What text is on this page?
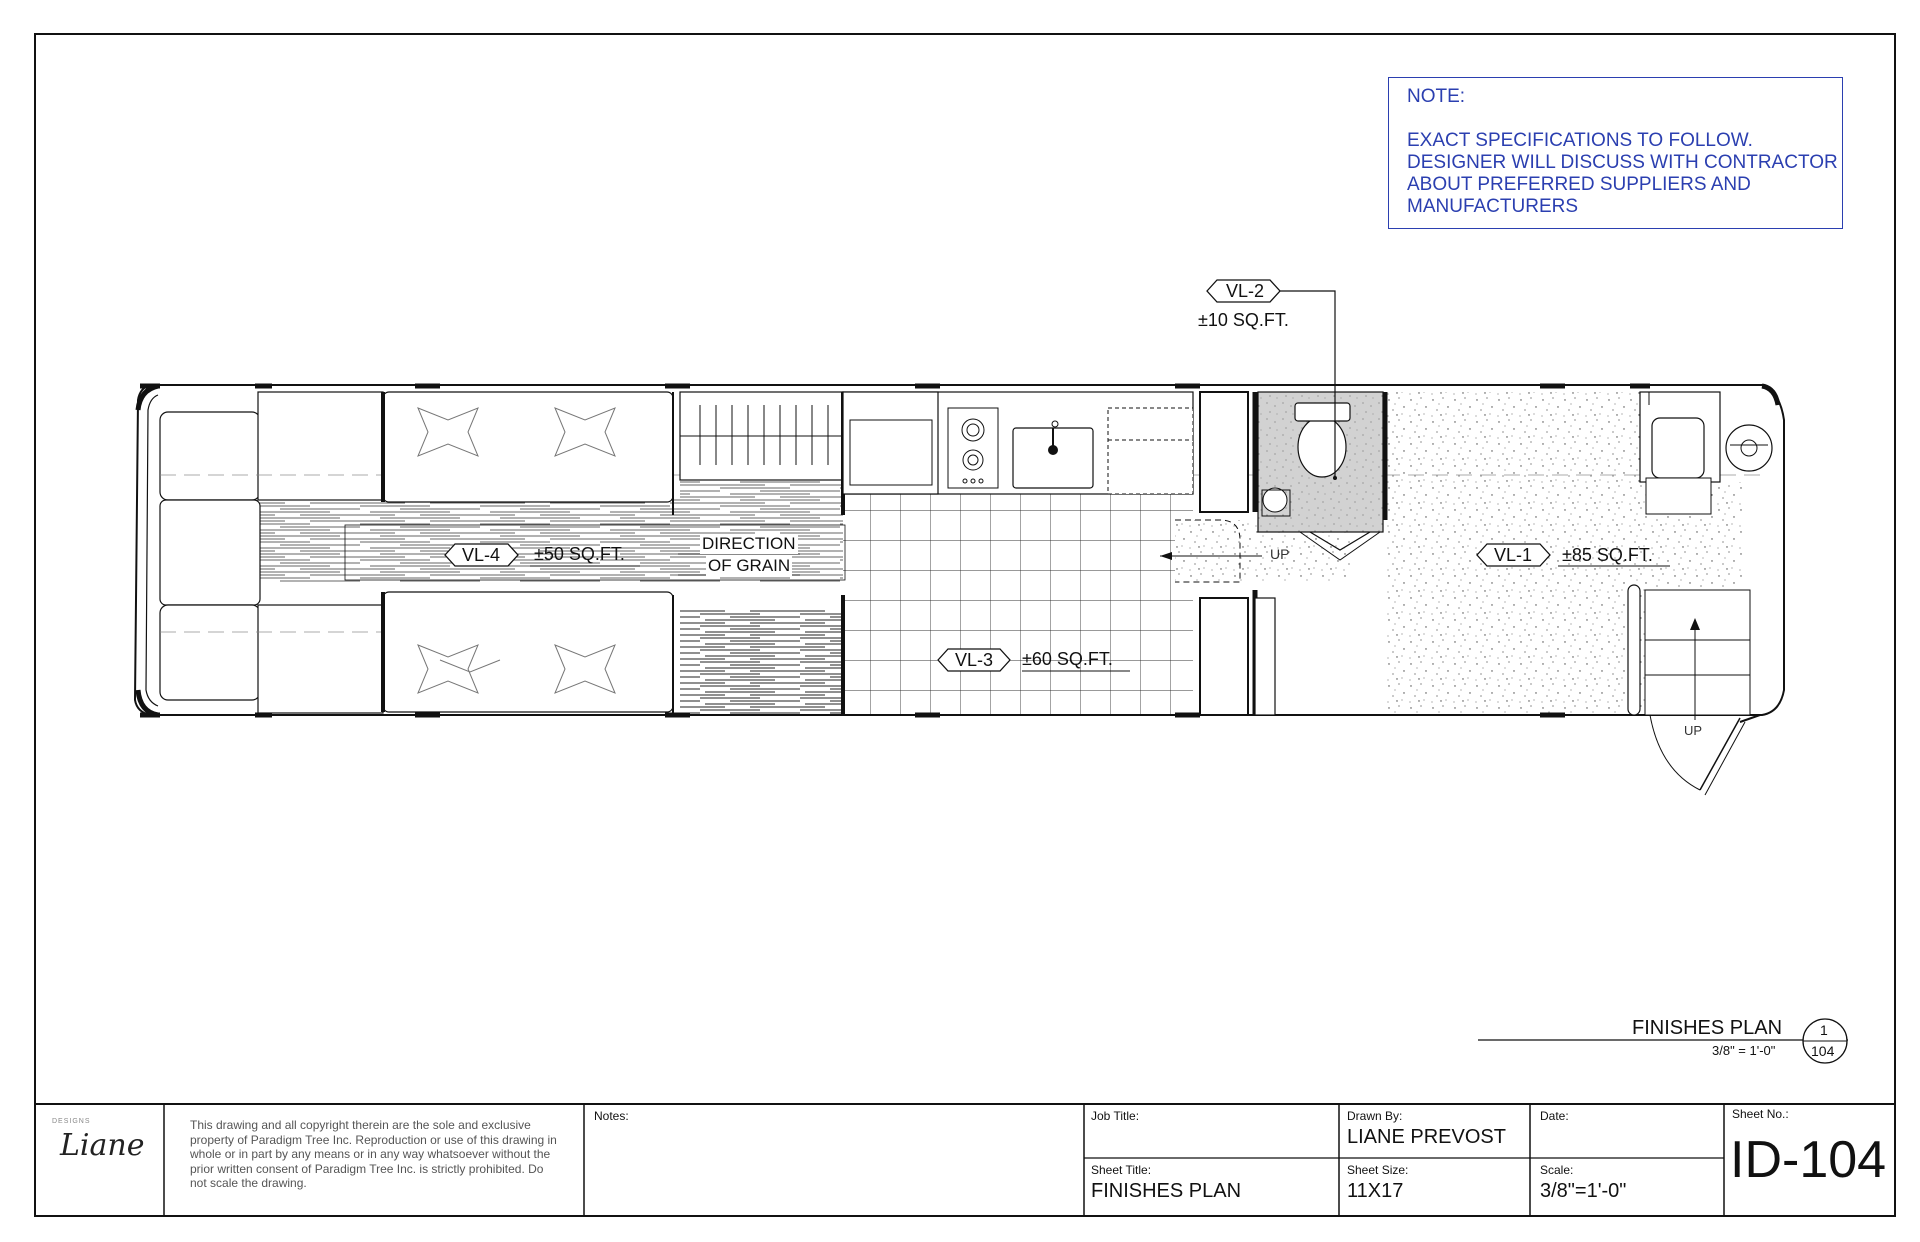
NOTE:
EXACT SPECIFICATIONS TO FOLLOW.
DESIGNER WILL DISCUSS WITH CONTRACTOR
ABOUT PREFERRED SUPPLIERS AND
MANUFACTURERS
VL-2
±10 SQ.FT.
VL-4 ±50 SQ.FT.
VL-3 ±60 SQ.FT.
VL-1 ±85 SQ.FT.
DIRECTION
OF GRAIN
UP
UP
FINISHES PLAN
3/8" = 1'-0"
1
104
DESIGNS
Liane
This drawing and all copyright therein are the sole and exclusive property of Paradigm Tree Inc. Reproduction or use of this drawing in whole or in part by any means or in any way whatsoever without the prior written consent of Paradigm Tree Inc. is strictly prohibited. Do not scale the drawing.
Notes:	Job Title:
Sheet Title:
FINISHES PLAN
Drawn By:
LIANE PREVOST
Sheet Size:
11X17
Date:
Scale:
3/8"=1'-0"
Sheet No.:
ID-104
